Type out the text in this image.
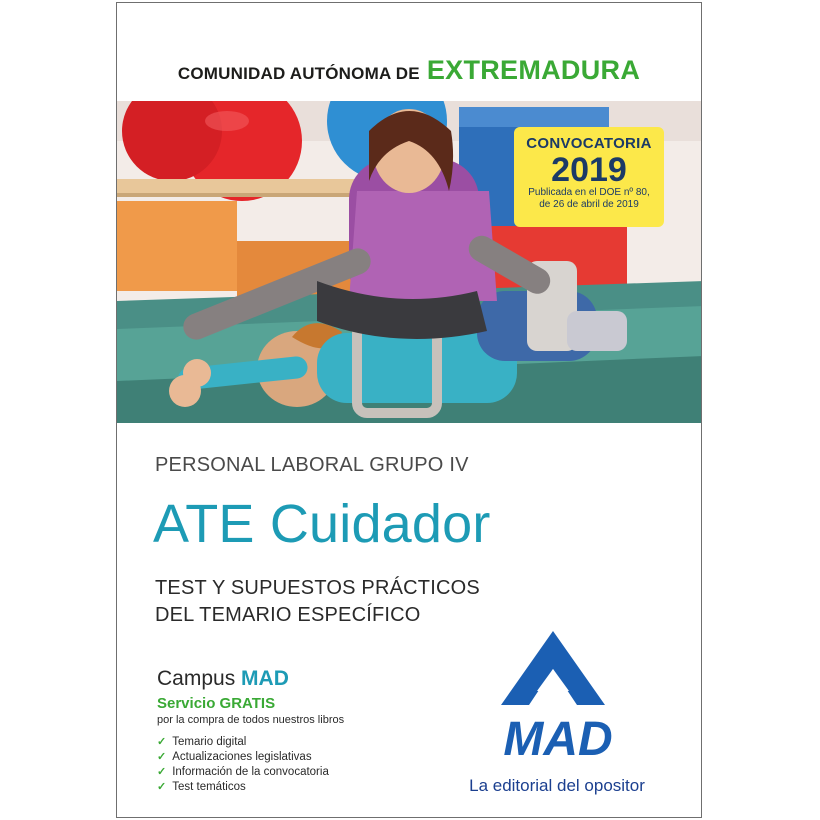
COMUNIDAD AUTÓNOMA DE EXTREMADURA
CONVOCATORIA
2019
Publicada en el DOE nº 80,
de 26 de abril de 2019
PERSONAL LABORAL GRUPO IV
ATE Cuidador
TEST Y SUPUESTOS PRÁCTICOS
DEL TEMARIO ESPECÍFICO
Campus MAD
Servicio GRATIS
por la compra de todos nuestros libros
✓ Temario digital
✓ Actualizaciones legislativas
✓ Información de la convocatoria
✓ Test temáticos
MAD
La editorial del opositor
